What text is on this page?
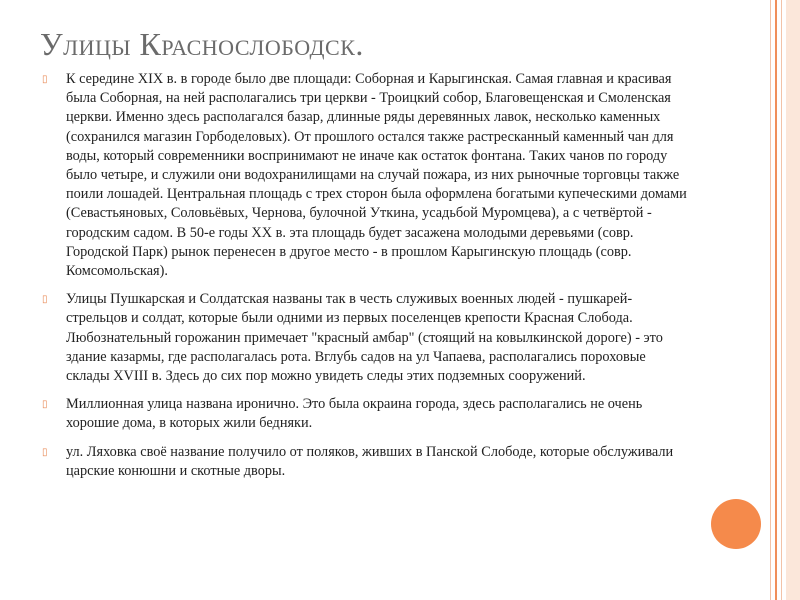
Улицы Краснослободск.
▯ К середине XIX в. в городе было две площади: Соборная и Карыгинская. Самая главная и красивая была Соборная, на ней располагались три церкви - Троицкий собор, Благовещенская и Смоленская церкви. Именно здесь располагался базар, длинные ряды деревянных лавок, несколько каменных (сохранился магазин Горбоделовых). От прошлого остался также растресканный каменный чан для воды, который современники воспринимают не иначе как остаток фонтана. Таких чанов по городу было четыре, и служили они водохранилищами на случай пожара, из них рыночные торговцы также поили лошадей. Центральная площадь с трех сторон была оформлена богатыми купеческими домами (Севастьяновых, Соловьёвых, Чернова, булочной Уткина, усадьбой Муромцева), а с четвёртой - городским садом. В 50-е годы XX в. эта площадь будет засажена молодыми деревьями (совр. Городской Парк) рынок перенесен в другое место - в прошлом Карыгинскую площадь (совр. Комсомольская).
▯ Улицы Пушкарская и Солдатская названы так в честь служивых военных людей - пушкарей-стрельцов и солдат, которые были одними из первых поселенцев крепости Красная Слобода. Любознательный горожанин примечает "красный амбар" (стоящий на ковылкинской дороге) - это здание казармы, где располагалась рота. Вглубь садов на ул Чапаева, располагались пороховые склады XVIII в. Здесь до сих пор можно увидеть следы этих подземных сооружений.
▯ Миллионная улица названа иронично. Это была окраина города, здесь располагались не очень хорошие дома, в которых жили бедняки.
▯ ул. Ляховка своё название получило от поляков, живших в Панской Слободе, которые обслуживали царские конюшни и скотные дворы.
